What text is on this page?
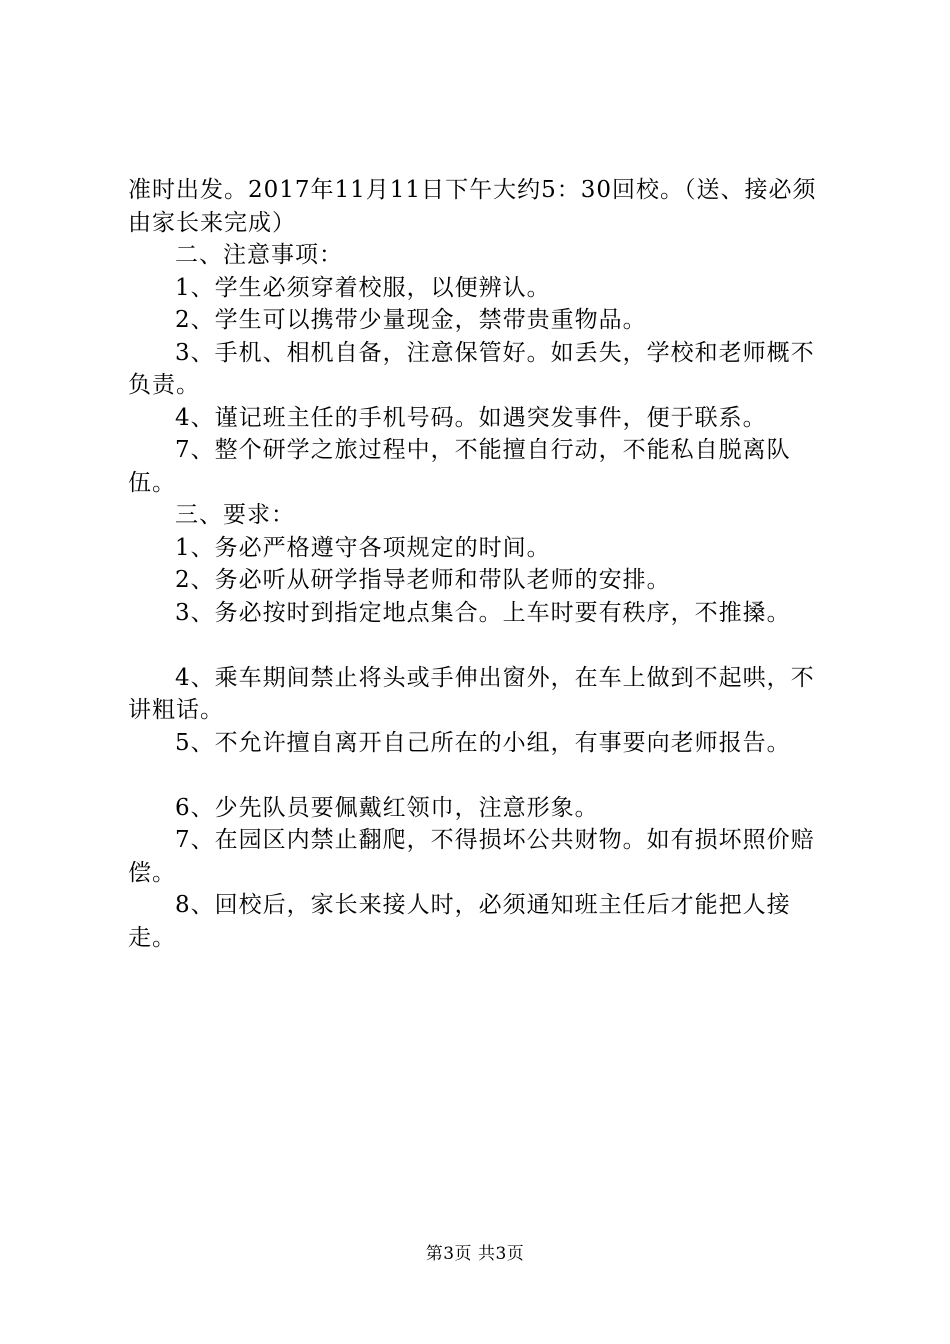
准时出发。2017年11月11日下午大约5：30回校。（送、接必须由家长来完成）

二、注意事项：

1、学生必须穿着校服，以便辨认。

2、学生可以携带少量现金，禁带贵重物品。

3、手机、相机自备，注意保管好。如丢失，学校和老师概不负责。

4、谨记班主任的手机号码。如遇突发事件，便于联系。

7、整个研学之旅过程中，不能擅自行动，不能私自脱离队伍。

三、要求：

1、务必严格遵守各项规定的时间。

2、务必听从研学指导老师和带队老师的安排。

3、务必按时到指定地点集合。上车时要有秩序，不推搡。

4、乘车期间禁止将头或手伸出窗外，在车上做到不起哄，不讲粗话。

5、不允许擅自离开自己所在的小组，有事要向老师报告。

6、少先队员要佩戴红领巾，注意形象。

7、在园区内禁止翻爬，不得损坏公共财物。如有损坏照价赔偿。

8、回校后，家长来接人时，必须通知班主任后才能把人接走。

第3页 共3页
